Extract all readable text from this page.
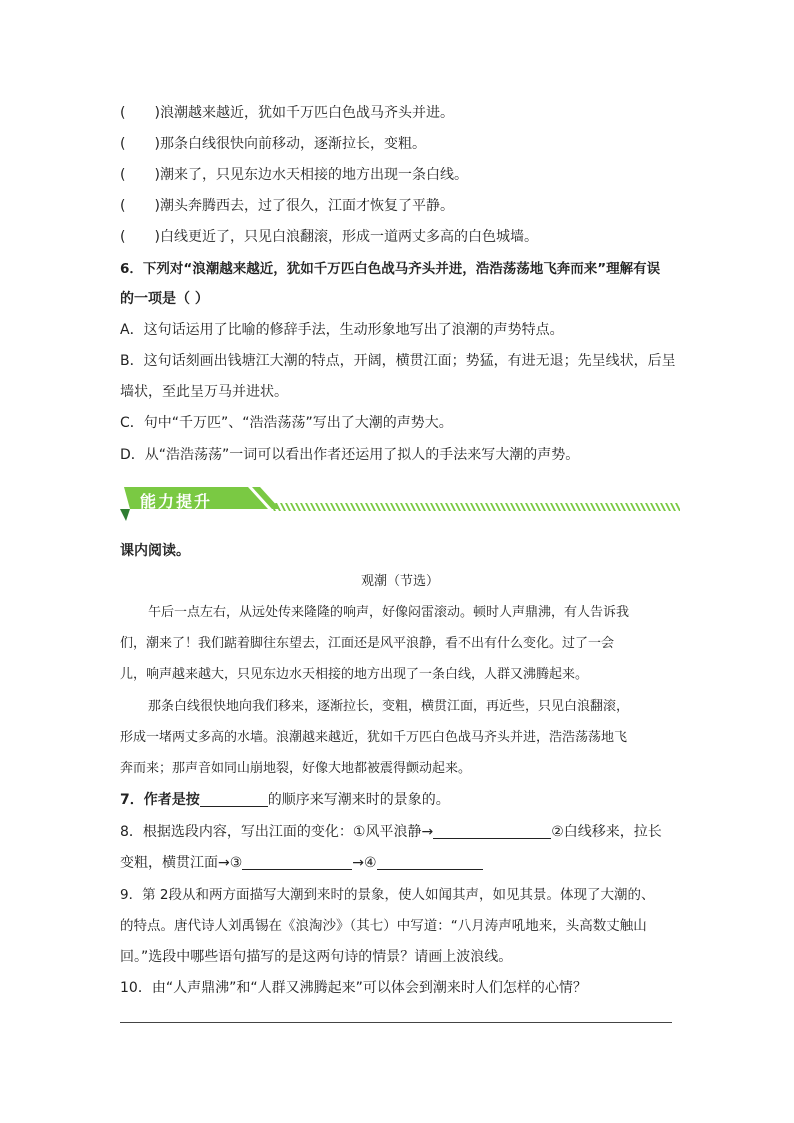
( ) 浪潮越来越近，犹如千万匹白色战马齐头并进。
( ) 那条白线很快向前移动，逐渐拉长，变粗。
( ) 潮来了，只见东边水天相接的地方出现一条白线。
( ) 潮头奔腾西去，过了很久，江面才恢复了平静。
( ) 白线更近了，只见白浪翻滚，形成一道两丈多高的白色城墙。
6．下列对“浪潮越来越近，犹如千万匹白色战马齐头并进，浩浩荡荡地飞奔而来”理解有误
的一项是（ ）
A．这句话运用了比喻的修辞手法，生动形象地写出了浪潮的声势特点。
B．这句话刻画出钱塘江大潮的特点，开阔，横贯江面；势猛，有进无退；先呈线状，后呈
墙状，至此呈万马并进状。
C．句中“千万匹”、“浩浩荡荡”写出了大潮的声势大。
D．从“浩浩荡荡”一词可以看出作者还运用了拟人的手法来写大潮的声势。
能力提升
课内阅读。
观潮（节选）
午后一点左右，从远处传来隆隆的响声，好像闷雷滚动。顿时人声鼎沸，有人告诉我
们，潮来了！我们踮着脚往东望去，江面还是风平浪静，看不出有什么变化。过了一会
儿，响声越来越大，只见东边水天相接的地方出现了一条白线，人群又沸腾起来。
那条白线很快地向我们移来，逐渐拉长，变粗，横贯江面，再近些，只见白浪翻滚，
形成一堵两丈多高的水墙。浪潮越来越近，犹如千万匹白色战马齐头并进，浩浩荡荡地飞
奔而来；那声音如同山崩地裂，好像大地都被震得颤动起来。
7．作者是按	的顺序来写潮来时的景象的。
8．根据选段内容，写出江面的变化：①风平浪静→	②白线移来，拉长
变粗，横贯江面→③	→④
9．第 2段从和两方面描写大潮到来时的景象，使人如闻其声，如见其景。体现了大潮的、
的特点。唐代诗人刘禹锡在《浪淘沙》（其七）中写道：“八月涛声吼地来，头高数丈触山
回。”选段中哪些语句描写的是这两句诗的情景？请画上波浪线。
10．由“人声鼎沸”和“人群又沸腾起来”可以体会到潮来时人们怎样的心情？
